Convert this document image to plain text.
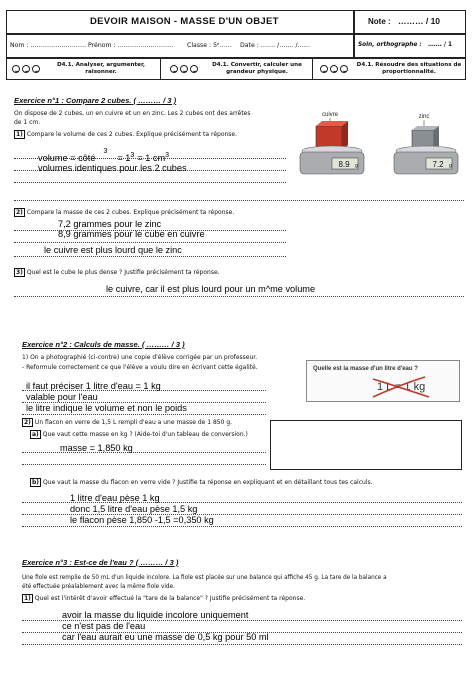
DEVOIR MAISON - MASSE D'UN OBJET	Note : ……… / 10
Nom : ……………………… Prénom : ……………………… Classe : 5ᵉ…… Date : ……. /……. /……	Soin, orthographe : ……. / 1
D4.1. Analyser, argumenter, raisonner.
D4.1. Convertir, calculer une grandeur physique.
D4.1. Résoudre des situations de proportionnalité.
Exercice n°1 : Compare 2 cubes. ( ……… / 3 )
On dispose de 2 cubes, un en cuivre et un en zinc. Les 2 cubes ont des arrêtes
de 1 cm.
1) Compare le volume de ces 2 cubes. Explique précisément ta réponse.
volume = côté$^3$= $1^3 = 1$ $cm^3$
volumes identiques pour les 2 cubes
cuivre
8.9 g
zinc
7.2 g
2) Compare la masse de ces 2 cubes. Explique précisément ta réponse.
7,2 grammes pour le zinc
8,9 grammes pour le cube en cuivre
le cuivre est plus lourd que le zinc
3) Quel est le cube le plus dense ? Justifie précisément ta réponse.
le cuivre, car il est plus lourd pour un m^me volume
Exercice n°2 : Calculs de masse. ( ……… / 3 )
1) On a photographié (ci-contre) une copie d'élève corrigée par un professeur.
- Reformule correctement ce que l'élève a voulu dire en écrivant cette égalité.
il faut préciser 1 litre d'eau = 1 kg
valable pour l'eau
le litre indique le volume et non le poids
Quelle est la masse d'un litre d'eau ?
1 L = 1 kg
2) Un flacon en verre de 1,5 L rempli d'eau a une masse de 1 850 g.
a) Que vaut cette masse en kg ? (Aide-toi d'un tableau de conversion.)
masse = 1,850 kg
b) Que vaut la masse du flacon en verre vide ? Justifie ta réponse en expliquant et en détaillant tous tes calculs.
1 litre d'eau pèse 1 kg
donc 1,5 litre d'eau pèse 1,5 kg
le flacon pèse 1,850 -1,5 =0,350 kg
Exercice n°3 : Est-ce de l'eau ? ( ……… / 3 )
Une fiole est remplie de 50 mL d'un liquide incolore. La fiole est placée sur une balance qui affiche 45 g. La tare de la balance a
été effectuée préalablement avec la même fiole vide.
1) Quel est l'intérêt d'avoir effectué la "tare de la balance" ? Justifie précisément ta réponse.
avoir la masse du liquide incolore uniquement
ce n'est pas de l'eau
car l'eau aurait eu une masse de 0,5 kg pour 50 ml
